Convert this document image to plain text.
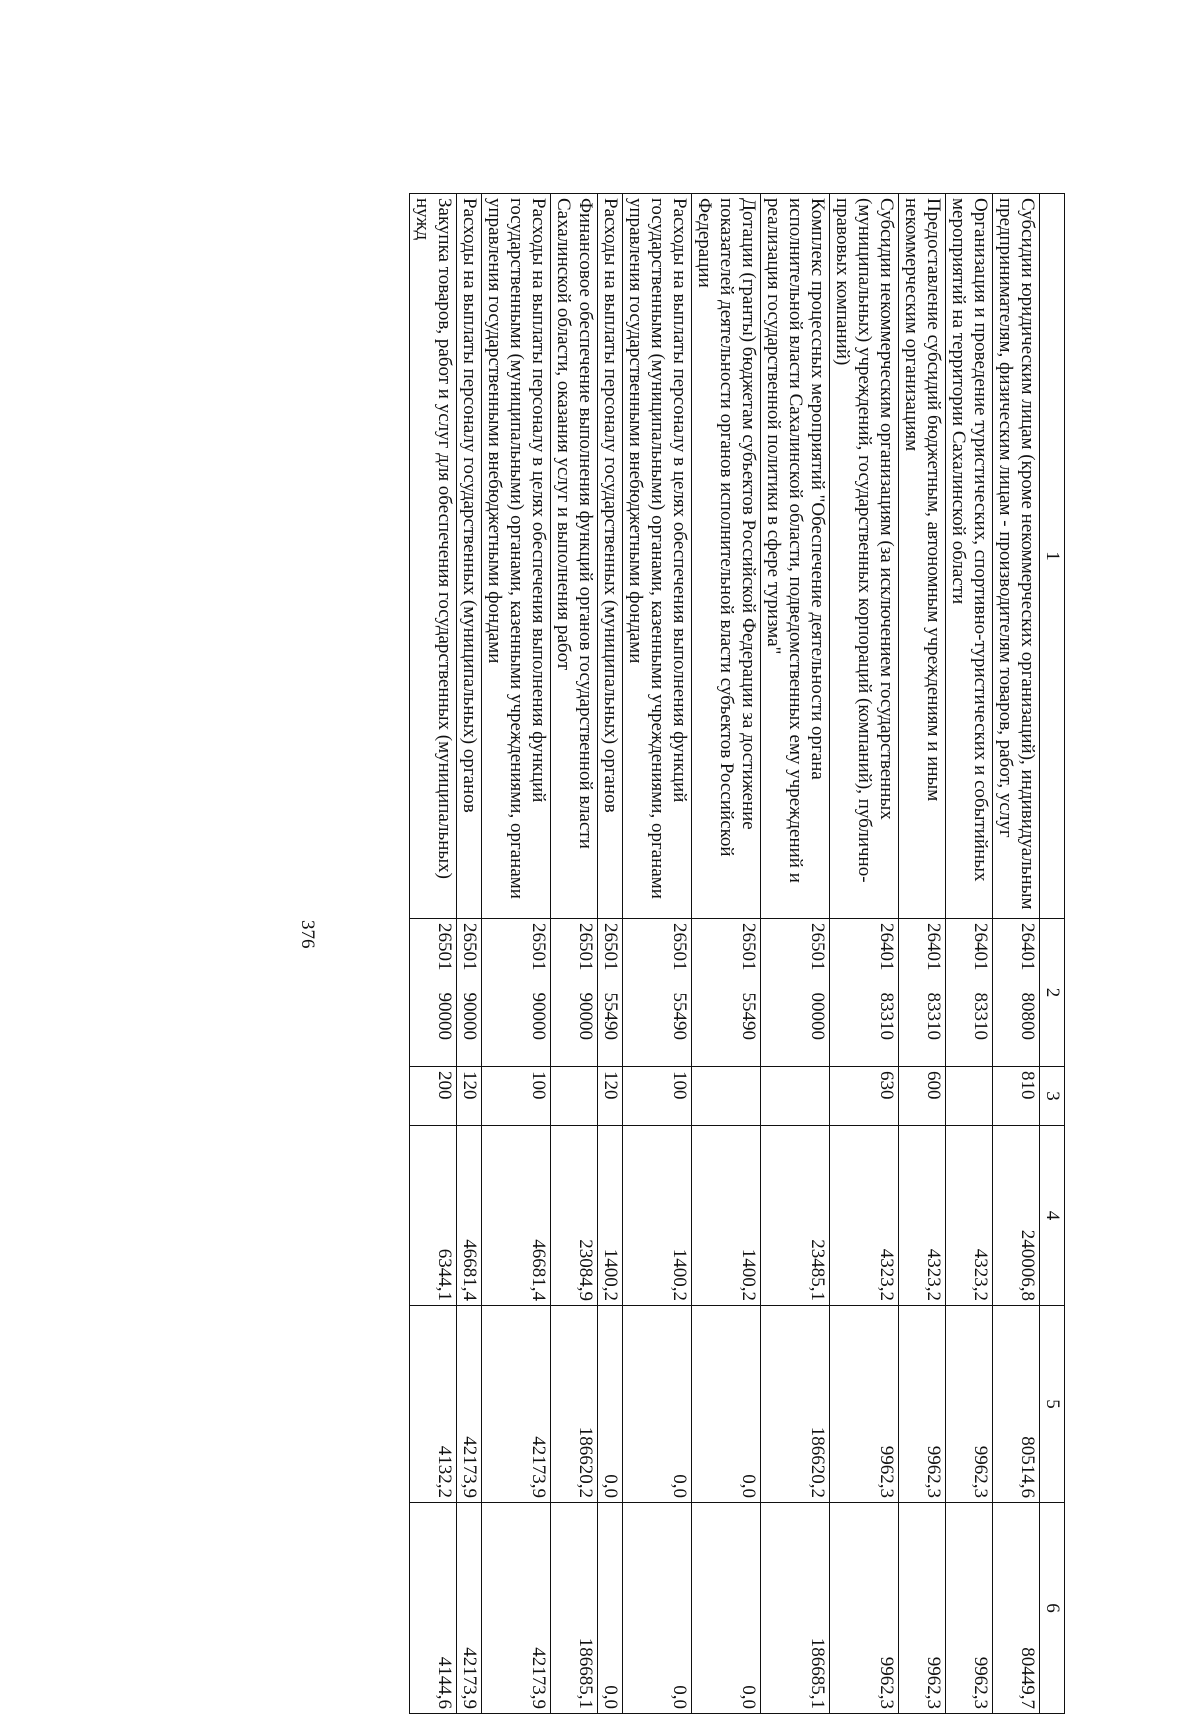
376
1	2	3	4	5	6
Субсидии юридическим лицам (кроме некоммерческих организаций), индивидуальным предпринимателям, физическим лицам - производителям товаров, работ, услуг	2640180800	810	240006,8	80514,6	80449,7
Организация и проведение туристических, спортивно-туристических и событийных мероприятий на территории Сахалинской области	2640183310		4323,2	9962,3	9962,3
Предоставление субсидий бюджетным, автономным учреждениям и иным некоммерческим организациям	2640183310	600	4323,2	9962,3	9962,3
Субсидии некоммерческим организациям (за исключением государственных (муниципальных) учреждений, государственных корпораций (компаний), публично-правовых компаний)	2640183310	630	4323,2	9962,3	9962,3
Комплекс процессных мероприятий "Обеспечение деятельности органа исполнительной власти Сахалинской области, подведомственных ему учреждений и реализация государственной политики в сфере туризма"	2650100000		23485,1	186620,2	186685,1
Дотации (гранты) бюджетам субъектов Российской Федерации за достижение показателей деятельности органов исполнительной власти субъектов Российской Федерации	2650155490		1400,2	0,0	0,0
Расходы на выплаты персоналу в целях обеспечения выполнения функций государственными (муниципальными) органами, казенными учреждениями, органами управления государственными внебюджетными фондами	2650155490	100	1400,2	0,0	0,0
Расходы на выплаты персоналу государственных (муниципальных) органов	2650155490	120	1400,2	0,0	0,0
Финансовое обеспечение выполнения функций органов государственной власти Сахалинской области, оказания услуг и выполнения работ	2650190000		23084,9	186620,2	186685,1
Расходы на выплаты персоналу в целях обеспечения выполнения функций государственными (муниципальными) органами, казенными учреждениями, органами управления государственными внебюджетными фондами	2650190000	100	46681,4	42173,9	42173,9
Расходы на выплаты персоналу государственных (муниципальных) органов	2650190000	120	46681,4	42173,9	42173,9
Закупка товаров, работ и услуг для обеспечения государственных (муниципальных) нужд	2650190000	200	6344,1	4132,2	4144,6
